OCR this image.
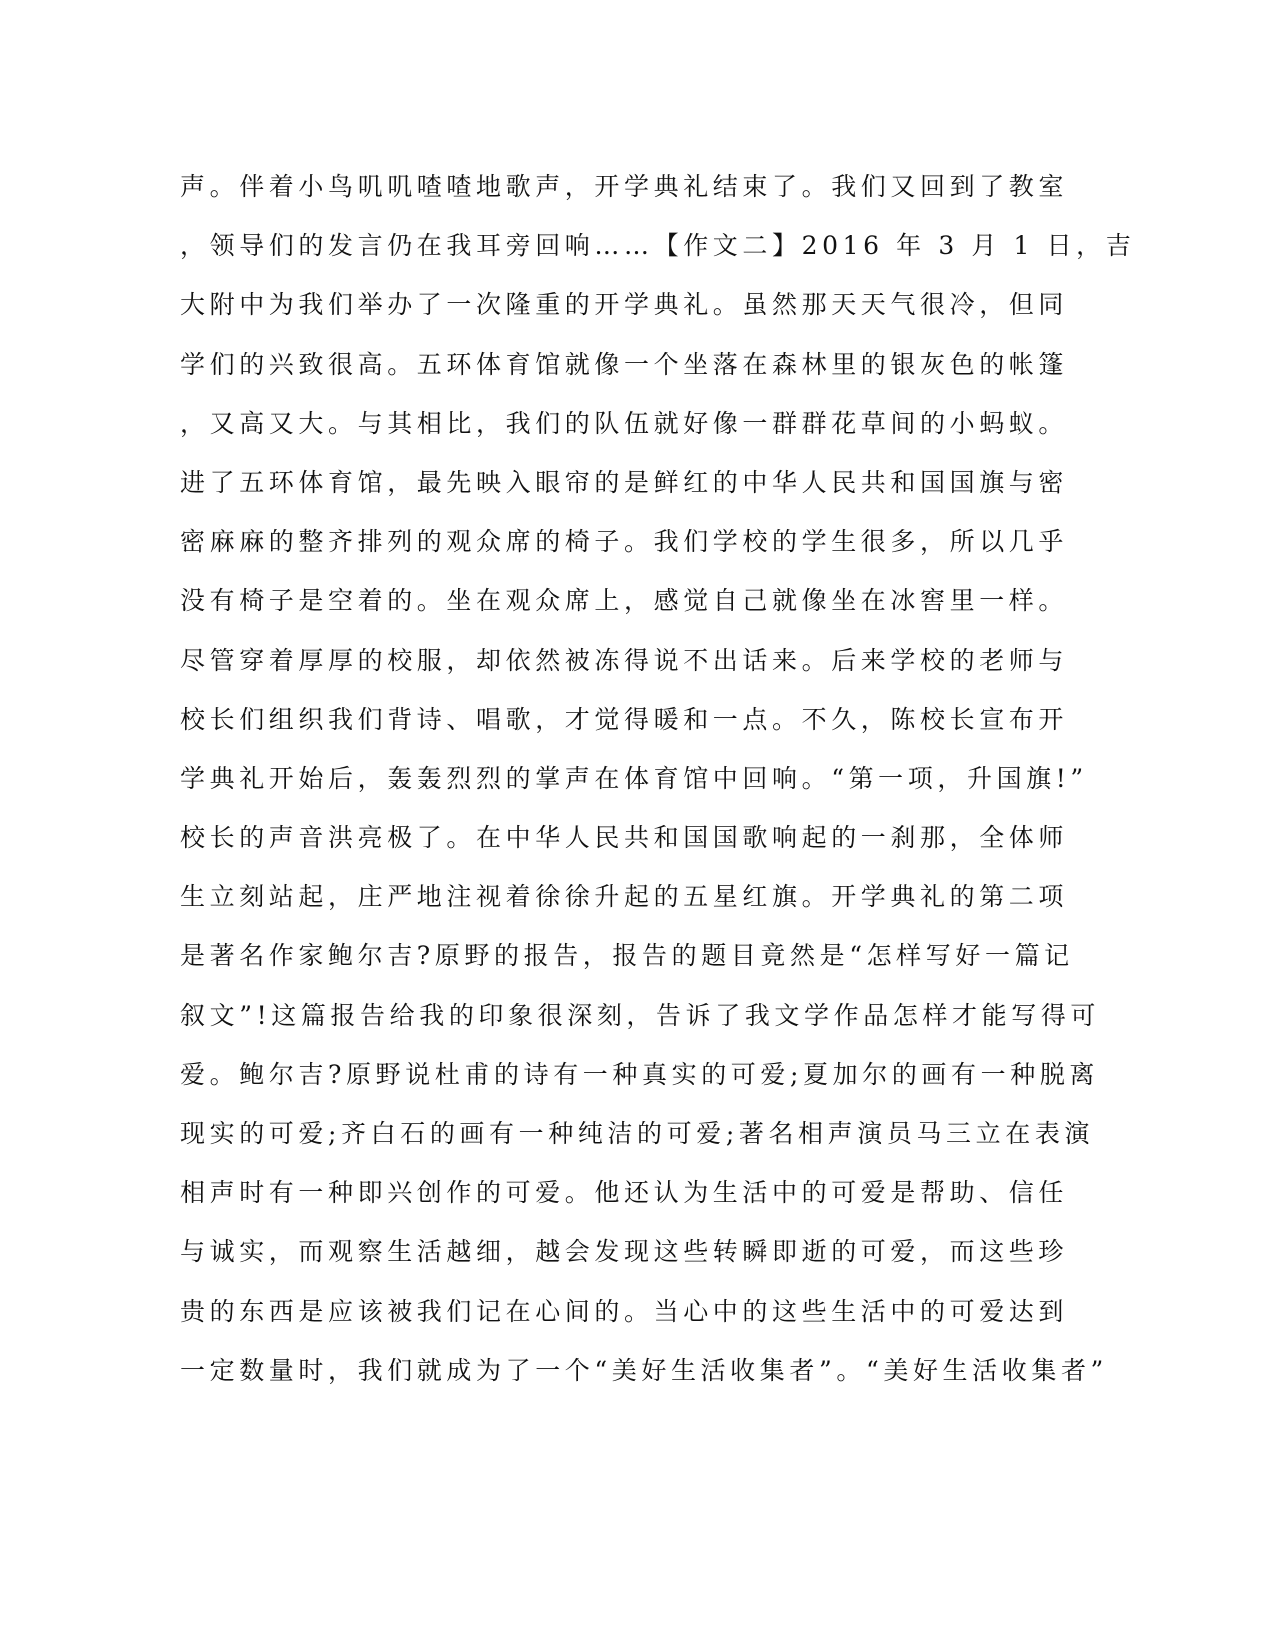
声。伴着小鸟叽叽喳喳地歌声，开学典礼结束了。我们又回到了教室
，领导们的发言仍在我耳旁回响……【作文二】2016 年 3 月 1 日，吉
大附中为我们举办了一次隆重的开学典礼。虽然那天天气很冷，但同
学们的兴致很高。五环体育馆就像一个坐落在森林里的银灰色的帐篷
，又高又大。与其相比，我们的队伍就好像一群群花草间的小蚂蚁。
进了五环体育馆，最先映入眼帘的是鲜红的中华人民共和国国旗与密
密麻麻的整齐排列的观众席的椅子。我们学校的学生很多，所以几乎
没有椅子是空着的。坐在观众席上，感觉自己就像坐在冰窖里一样。
尽管穿着厚厚的校服，却依然被冻得说不出话来。后来学校的老师与
校长们组织我们背诗、唱歌，才觉得暖和一点。不久，陈校长宣布开
学典礼开始后，轰轰烈烈的掌声在体育馆中回响。“第一项，升国旗!”
校长的声音洪亮极了。在中华人民共和国国歌响起的一刹那，全体师
生立刻站起，庄严地注视着徐徐升起的五星红旗。开学典礼的第二项
是著名作家鲍尔吉?原野的报告，报告的题目竟然是“怎样写好一篇记
叙文”!这篇报告给我的印象很深刻，告诉了我文学作品怎样才能写得可
爱。鲍尔吉?原野说杜甫的诗有一种真实的可爱;夏加尔的画有一种脱离
现实的可爱;齐白石的画有一种纯洁的可爱;著名相声演员马三立在表演
相声时有一种即兴创作的可爱。他还认为生活中的可爱是帮助、信任
与诚实，而观察生活越细，越会发现这些转瞬即逝的可爱，而这些珍
贵的东西是应该被我们记在心间的。当心中的这些生活中的可爱达到
一定数量时，我们就成为了一个“美好生活收集者”。“美好生活收集者”
